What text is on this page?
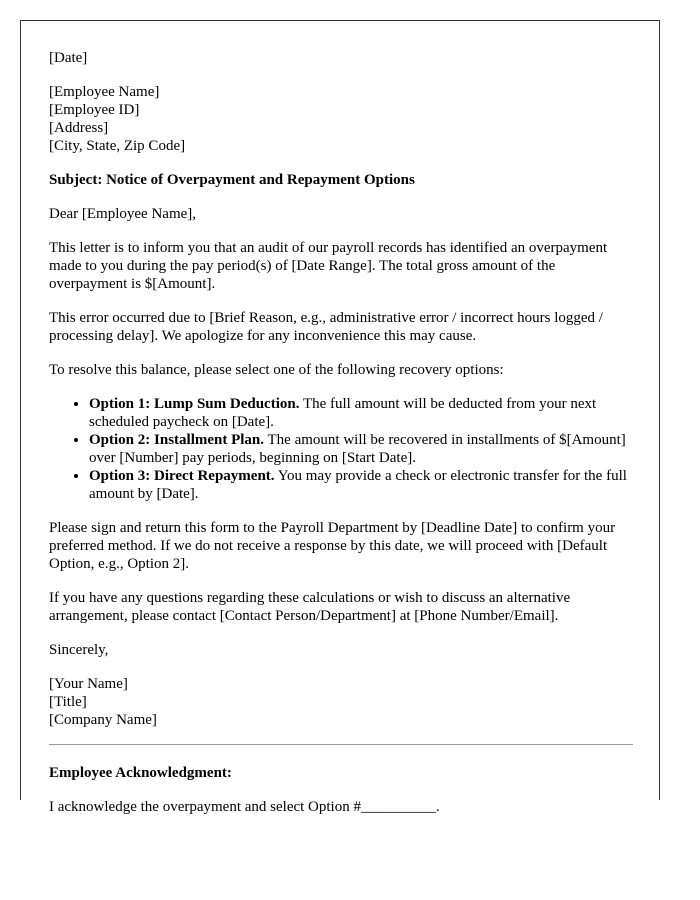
[Date]

[Employee Name]
[Employee ID]
[Address]
[City, State, Zip Code]

Subject: Notice of Overpayment and Repayment Options

Dear [Employee Name],

This letter is to inform you that an audit of our payroll records has identified an overpayment made to you during the pay period(s) of [Date Range]. The total gross amount of the overpayment is $[Amount].

This error occurred due to [Brief Reason, e.g., administrative error / incorrect hours logged / processing delay]. We apologize for any inconvenience this may cause.

To resolve this balance, please select one of the following recovery options:

• Option 1: Lump Sum Deduction. The full amount will be deducted from your next scheduled paycheck on [Date].
• Option 2: Installment Plan. The amount will be recovered in installments of $[Amount] over [Number] pay periods, beginning on [Start Date].
• Option 3: Direct Repayment. You may provide a check or electronic transfer for the full amount by [Date].

Please sign and return this form to the Payroll Department by [Deadline Date] to confirm your preferred method. If we do not receive a response by this date, we will proceed with [Default Option, e.g., Option 2].

If you have any questions regarding these calculations or wish to discuss an alternative arrangement, please contact [Contact Person/Department] at [Phone Number/Email].

Sincerely,

[Your Name]
[Title]
[Company Name]
Employee Acknowledgment:
I acknowledge the overpayment and select Option #__________.
